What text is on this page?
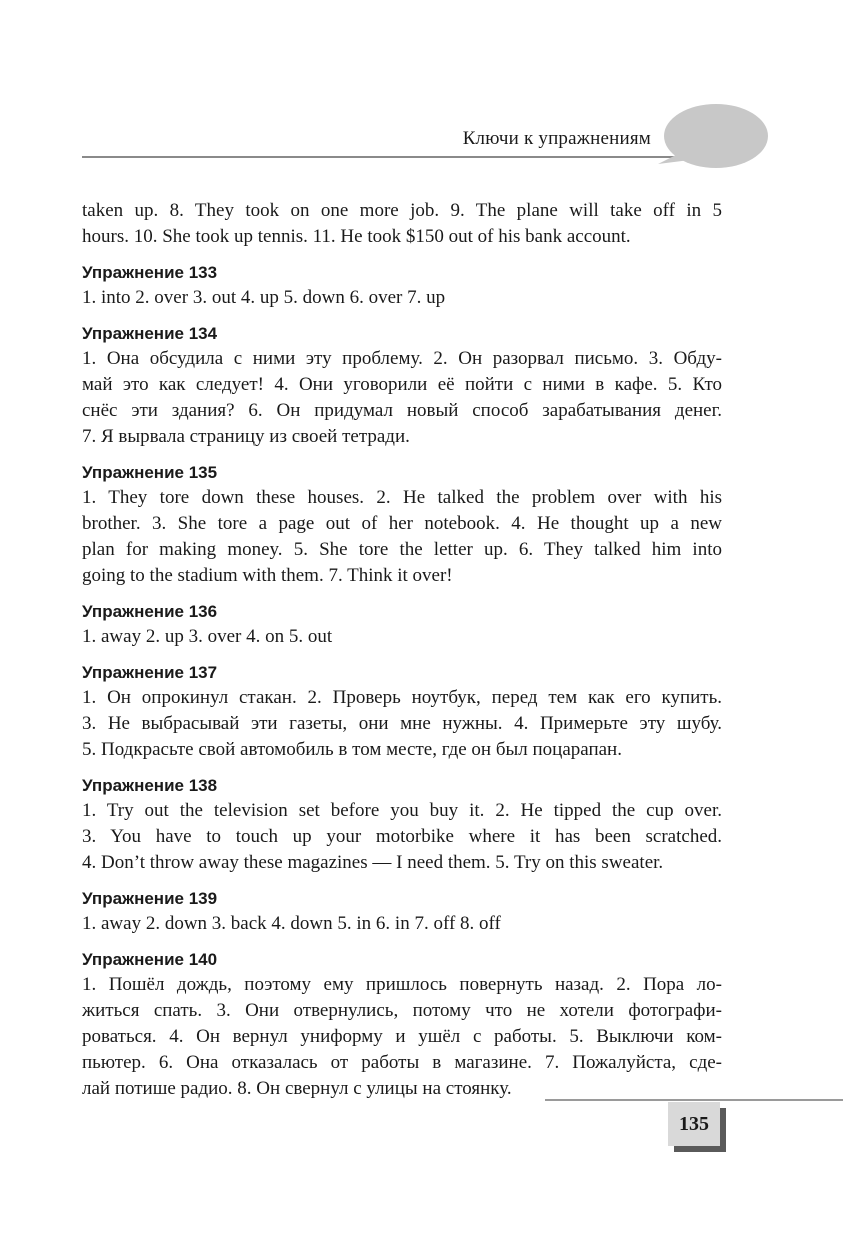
Ключи к упражнениям

taken up. 8. They took on one more job. 9. The plane will take off in 5
hours. 10. She took up tennis. 11. He took $150 out of his bank account.

Упражнение 133

1. into 2. over 3. out 4. up 5. down 6. over 7. up

Упражнение 134

1. Она обсудила с ними эту проблему. 2. Он разорвал письмо. 3. Обду-
май это как следует! 4. Они уговорили её пойти с ними в кафе. 5. Кто
снёс эти здания? 6. Он придумал новый способ зарабатывания денег.
7. Я вырвала страницу из своей тетради.

Упражнение 135

1. They tore down these houses. 2. He talked the problem over with his
brother. 3. She tore a page out of her notebook. 4. He thought up a new
plan for making money. 5. She tore the letter up. 6. They talked him into
going to the stadium with them. 7. Think it over!

Упражнение 136

1. away 2. up 3. over 4. on 5. out

Упражнение 137

1. Он опрокинул стакан. 2. Проверь ноутбук, перед тем как его купить.
3. Не выбрасывай эти газеты, они мне нужны. 4. Примерьте эту шубу.
5. Подкрасьте свой автомобиль в том месте, где он был поцарапан.

Упражнение 138

1. Try out the television set before you buy it. 2. He tipped the cup over.
3. You have to touch up your motorbike where it has been scratched.
4. Don’t throw away these magazines — I need them. 5. Try on this sweater.

Упражнение 139

1. away 2. down 3. back 4. down 5. in 6. in 7. off 8. off

Упражнение 140

1. Пошёл дождь, поэтому ему пришлось повернуть назад. 2. Пора ло-
житься спать. 3. Они отвернулись, потому что не хотели фотографи-
роваться. 4. Он вернул униформу и ушёл с работы. 5. Выключи ком-
пьютер. 6. Она отказалась от работы в магазине. 7. Пожалуйста, сде-
лай потише радио. 8. Он свернул с улицы на стоянку.

135
